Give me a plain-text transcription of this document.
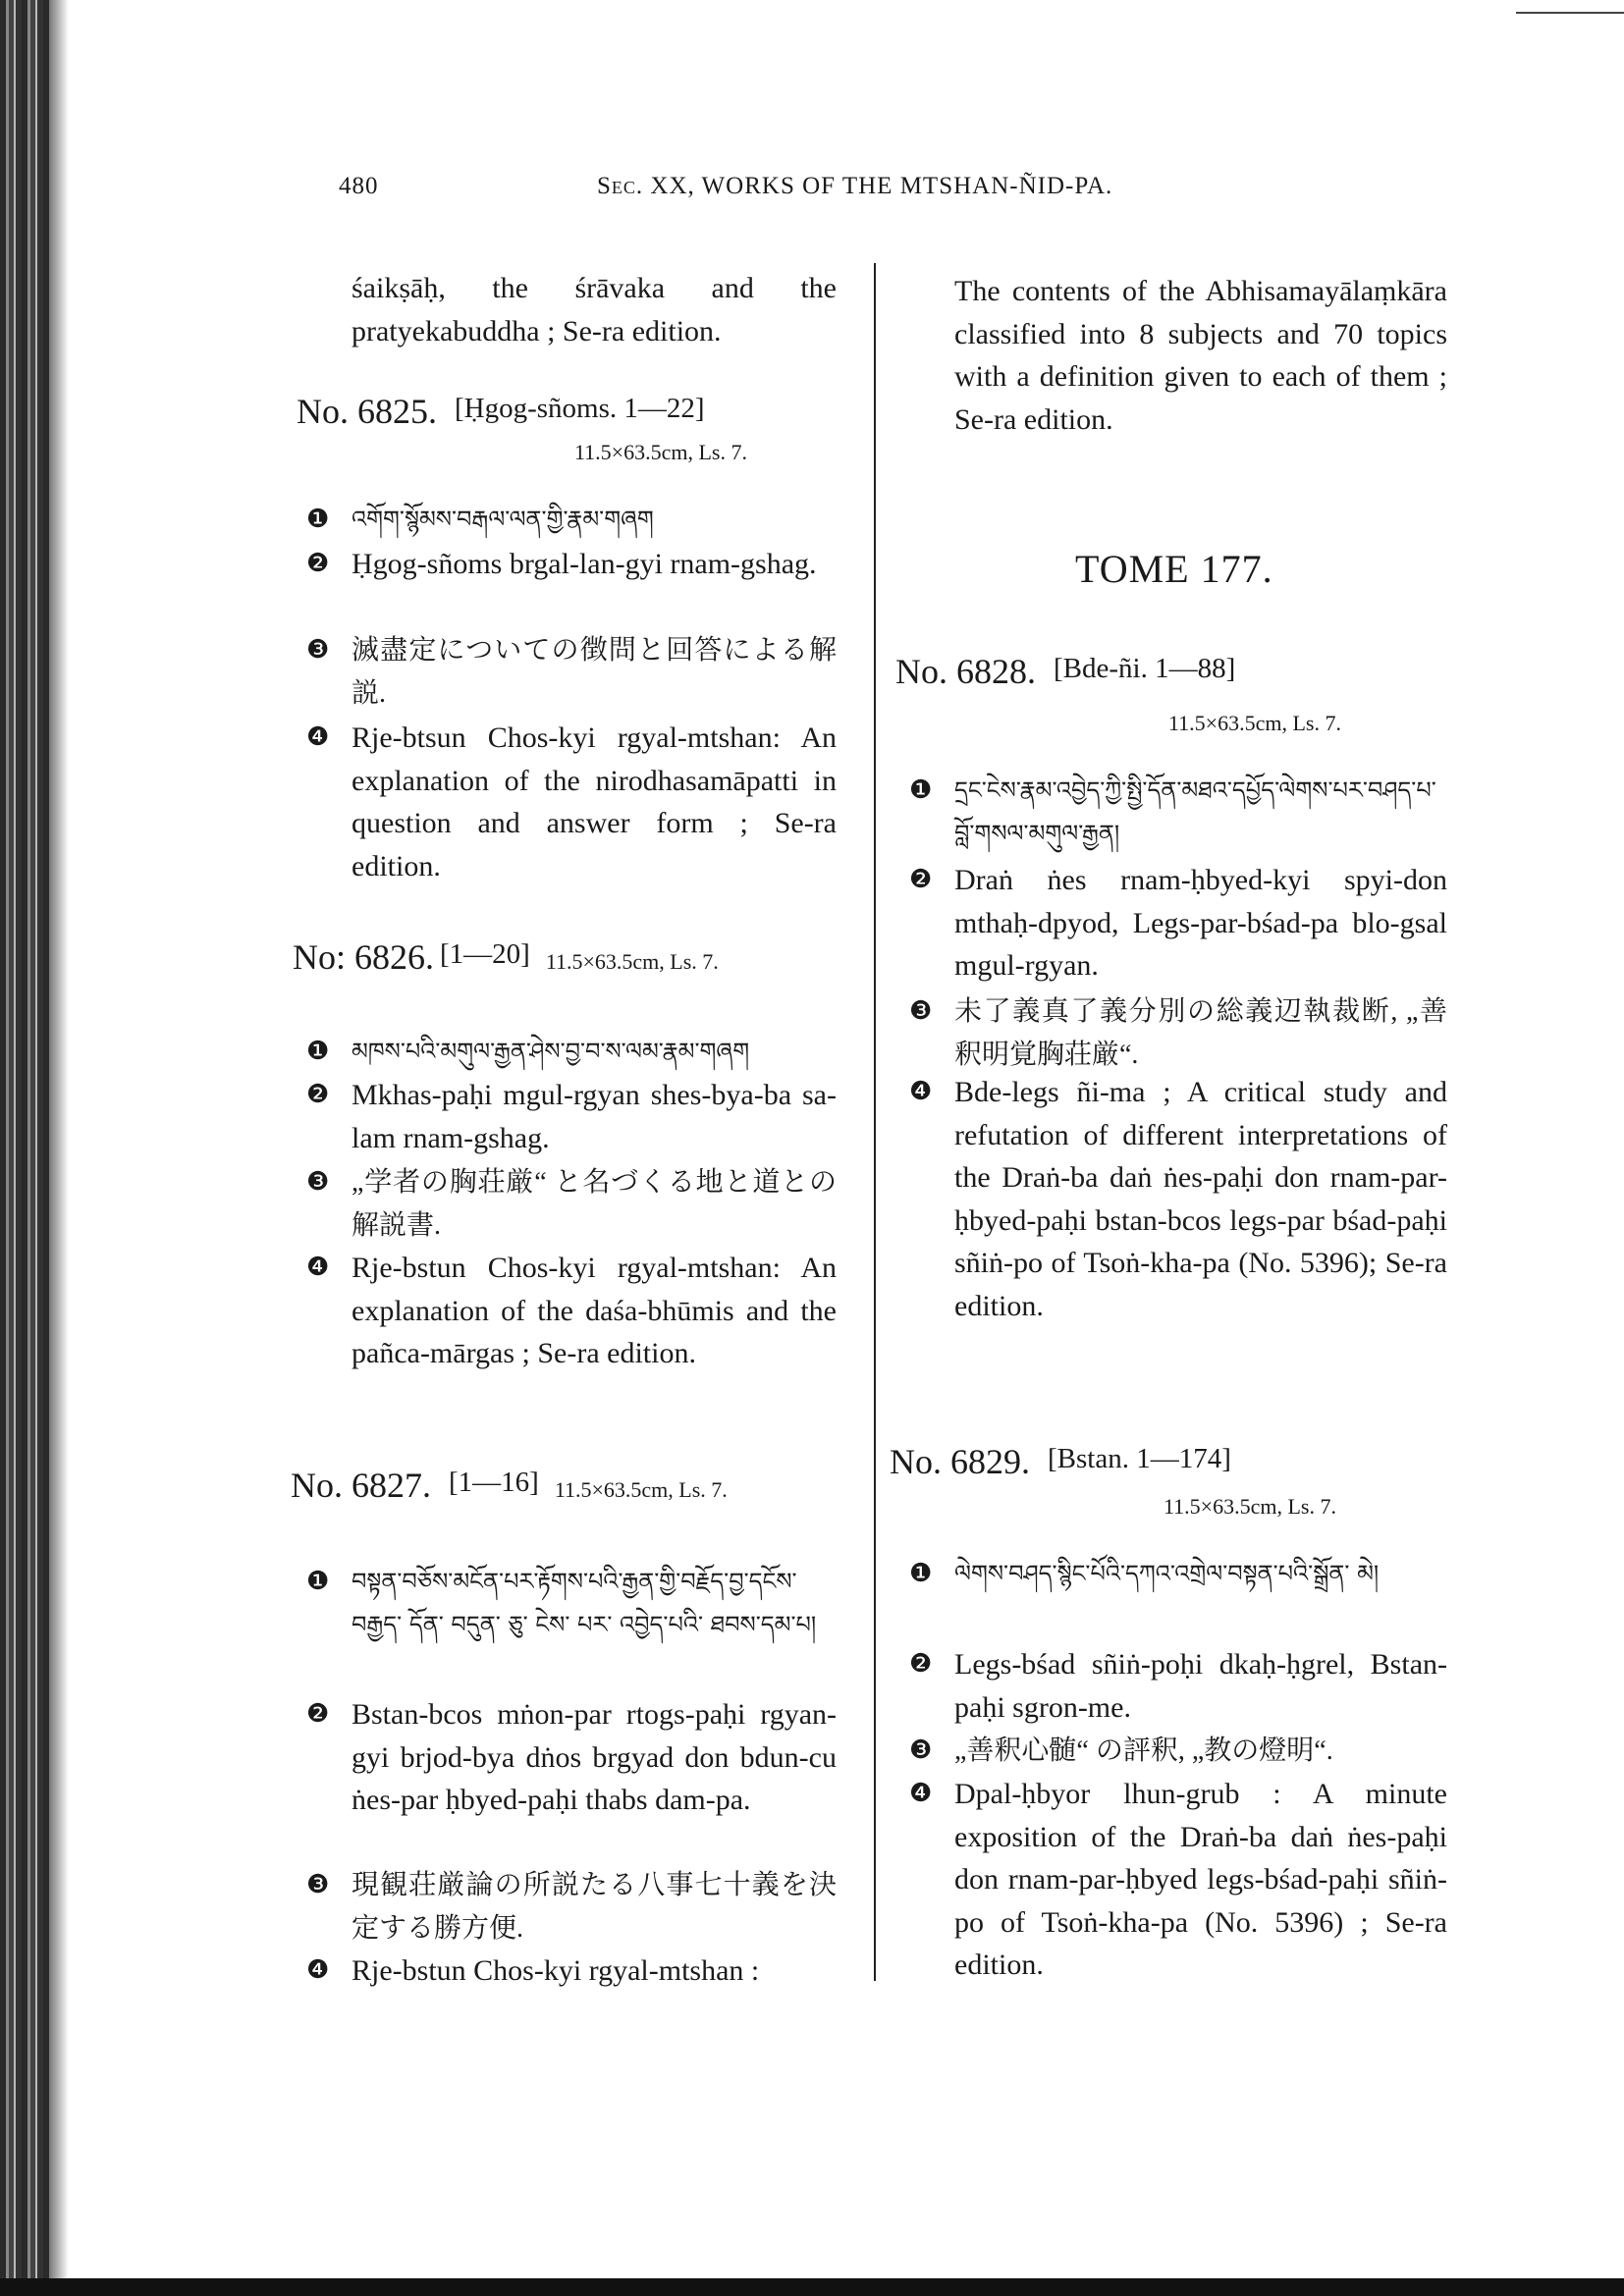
480	Sec. XX, WORKS OF THE MTSHAN-ÑID-PA.
śaikṣāḥ, the śrāvaka and the pratyekabuddha ; Se-ra edition.
No. 6825. [Ḥgog-sñoms. 1—22]
11.5×63.5cm, Ls. 7.
❶ འགོག་སྙོམས་བརྒལ་ལན་གྱི་རྣམ་གཞག
❷ Ḥgog-sñoms brgal-lan-gyi rnam-gshag.
❸ 滅盡定についての徴問と回答による解説.
❹ Rje-btsun Chos-kyi rgyal-mtshan: An explanation of the nirodhasamāpatti in question and answer form ; Se-ra edition.
No: 6826. [1—20] 11.5×63.5cm, Ls. 7.
❶ མཁས་པའི་མགུལ་རྒྱན་ཤེས་བྱ་བ་ས་ལམ་རྣམ་གཞག
❷ Mkhas-paḥi mgul-rgyan shes-bya-ba sa-lam rnam-gshag.
❸ „学者の胸荘厳“ と名づくる地と道との解説書.
❹ Rje-bstun Chos-kyi rgyal-mtshan: An explanation of the daśa-bhūmis and the pañca-mārgas ; Se-ra edition.
No. 6827. [1—16] 11.5×63.5cm, Ls. 7.
❶ བསྟན་བཅོས་མངོན་པར་རྟོགས་པའི་རྒྱན་གྱི་བརྗོད་བྱ་དངོས་ བརྒྱད་ དོན་ བདུན་ ཅུ་ ངེས་ པར་ འབྱེད་པའི་ ཐབས་དམ་པ།
❷ Bstan-bcos mṅon-par rtogs-paḥi rgyan-gyi brjod-bya dṅos brgyad don bdun-cu ṅes-par ḥbyed-paḥi thabs dam-pa.
❸ 現観荘厳論の所説たる八事七十義を決定する勝方便.
❹ Rje-bstun Chos-kyi rgyal-mtshan :
The contents of the Abhisamayālaṃkāra classified into 8 subjects and 70 topics with a definition given to each of them ; Se-ra edition.
TOME 177.
No. 6828. [Bde-ñi. 1—88]
11.5×63.5cm, Ls. 7.
❶ དྲང་ངེས་རྣམ་འབྱེད་ཀྱི་སྤྱི་དོན་མཐའ་དཔྱོད་ལེགས་པར་བཤད་པ་ བློ་གསལ་མགུལ་རྒྱན།
❷ Draṅ ṅes rnam-ḥbyed-kyi spyi-don mthaḥ-dpyod, Legs-par-bśad-pa blo-gsal mgul-rgyan.
❸ 未了義真了義分別の総義辺執裁断, „善釈明覚胸荘厳“.
❹ Bde-legs ñi-ma ; A critical study and refutation of different interpretations of the Draṅ-ba daṅ ṅes-paḥi don rnam-par-ḥbyed-paḥi bstan-bcos legs-par bśad-paḥi sñiṅ-po of Tsoṅ-kha-pa (No. 5396); Se-ra edition.
No. 6829. [Bstan. 1—174]
11.5×63.5cm, Ls. 7.
❶ ལེགས་བཤད་སྙིང་པོའི་དཀའ་འགྲེལ་བསྟན་པའི་སྒྲོན་ མེ།
❷ Legs-bśad sñiṅ-poḥi dkaḥ-ḥgrel, Bstan-paḥi sgron-me.
❸ „善釈心髄“ の評釈, „教の燈明“.
❹ Dpal-ḥbyor lhun-grub : A minute exposition of the Draṅ-ba daṅ ṅes-paḥi don rnam-par-ḥbyed legs-bśad-paḥi sñiṅ-po of Tsoṅ-kha-pa (No. 5396) ; Se-ra edition.
